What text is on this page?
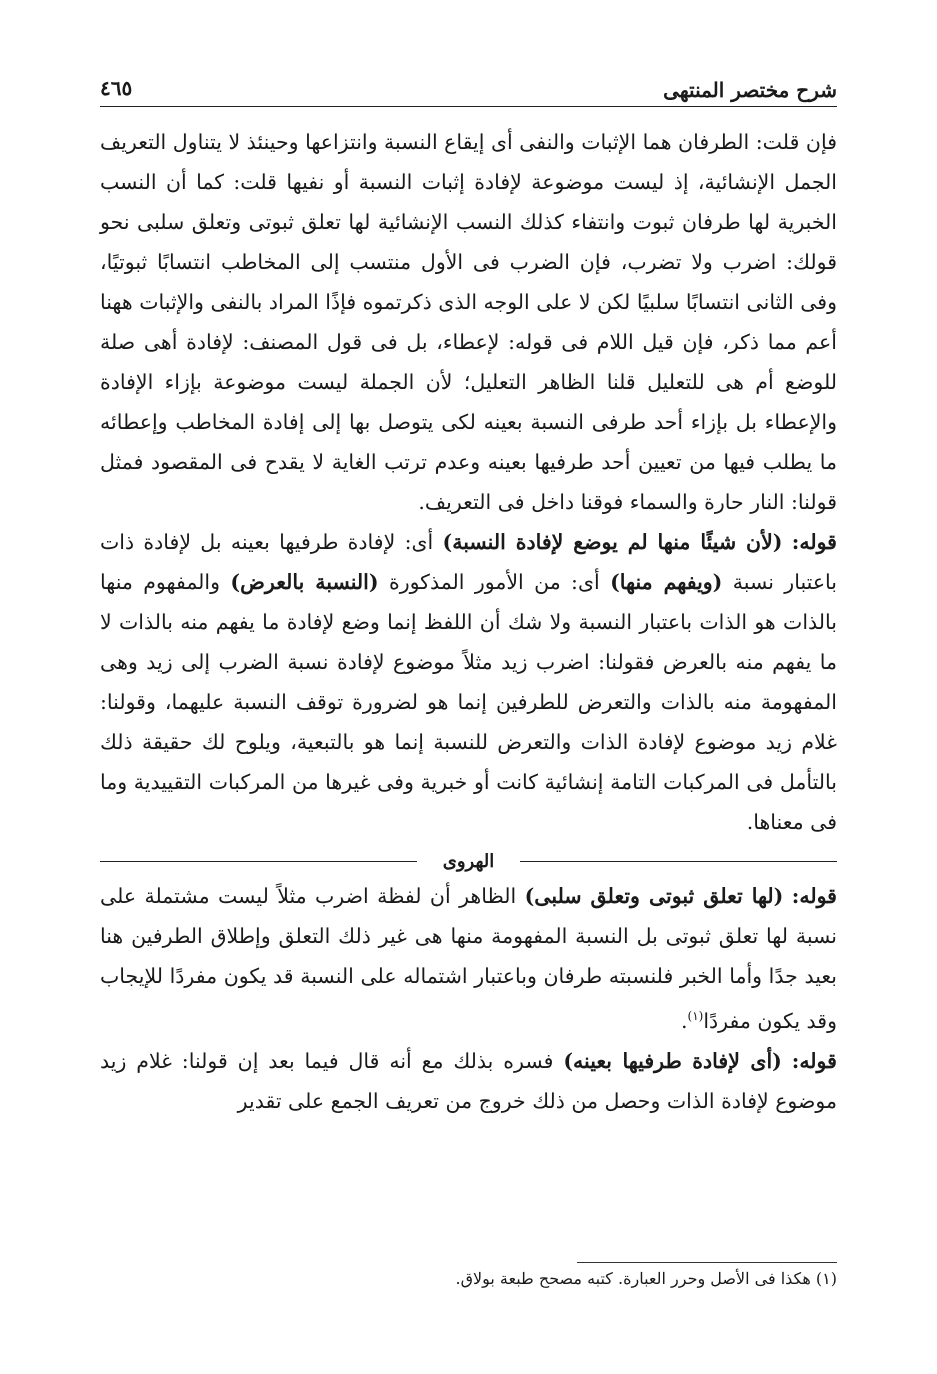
شرح مختصر المنتهى
٤٦٥

فإن قلت: الطرفان هما الإثبات والنفى أى إيقاع النسبة وانتزاعها وحينئذ لا يتناول التعريف الجمل الإنشائية، إذ ليست موضوعة لإفادة إثبات النسبة أو نفيها قلت: كما أن النسب الخبرية لها طرفان ثبوت وانتفاء كذلك النسب الإنشائية لها تعلق ثبوتى وتعلق سلبى نحو قولك: اضرب ولا تضرب، فإن الضرب فى الأول منتسب إلى المخاطب انتسابًا ثبوتيًا، وفى الثانى انتسابًا سلبيًا لكن لا على الوجه الذى ذكرتموه فإذًا المراد بالنفى والإثبات ههنا أعم مما ذكر، فإن قيل اللام فى قوله: لإعطاء، بل فى قول المصنف: لإفادة أهى صلة للوضع أم هى للتعليل قلنا الظاهر التعليل؛ لأن الجملة ليست موضوعة بإزاء الإفادة والإعطاء بل بإزاء أحد طرفى النسبة بعينه لكى يتوصل بها إلى إفادة المخاطب وإعطائه ما يطلب فيها من تعيين أحد طرفيها بعينه وعدم ترتب الغاية لا يقدح فى المقصود فمثل قولنا: النار حارة والسماء فوقنا داخل فى التعريف.

قوله: (لأن شيئًا منها لم يوضع لإفادة النسبة) أى: لإفادة طرفيها بعينه بل لإفادة ذات باعتبار نسبة (ويفهم منها) أى: من الأمور المذكورة (النسبة بالعرض) والمفهوم منها بالذات هو الذات باعتبار النسبة ولا شك أن اللفظ إنما وضع لإفادة ما يفهم منه بالذات لا ما يفهم منه بالعرض فقولنا: اضرب زيد مثلاً موضوع لإفادة نسبة الضرب إلى زيد وهى المفهومة منه بالذات والتعرض للطرفين إنما هو لضرورة توقف النسبة عليهما، وقولنا: غلام زيد موضوع لإفادة الذات والتعرض للنسبة إنما هو بالتبعية، ويلوح لك حقيقة ذلك بالتأمل فى المركبات التامة إنشائية كانت أو خبرية وفى غيرها من المركبات التقييدية وما فى معناها.

الهروى

قوله: (لها تعلق ثبوتى وتعلق سلبى) الظاهر أن لفظة اضرب مثلاً ليست مشتملة على نسبة لها تعلق ثبوتى بل النسبة المفهومة منها هى غير ذلك التعلق وإطلاق الطرفين هنا بعيد جدًا وأما الخبر فلنسبته طرفان وباعتبار اشتماله على النسبة قد يكون مفردًا للإيجاب وقد يكون مفردًا$^{(١)}$.

قوله: (أى لإفادة طرفيها بعينه) فسره بذلك مع أنه قال فيما بعد إن قولنا: غلام زيد موضوع لإفادة الذات وحصل من ذلك خروج من تعريف الجمع على تقدير

(١) هكذا فى الأصل وحرر العبارة. كتبه مصحح طبعة بولاق.
